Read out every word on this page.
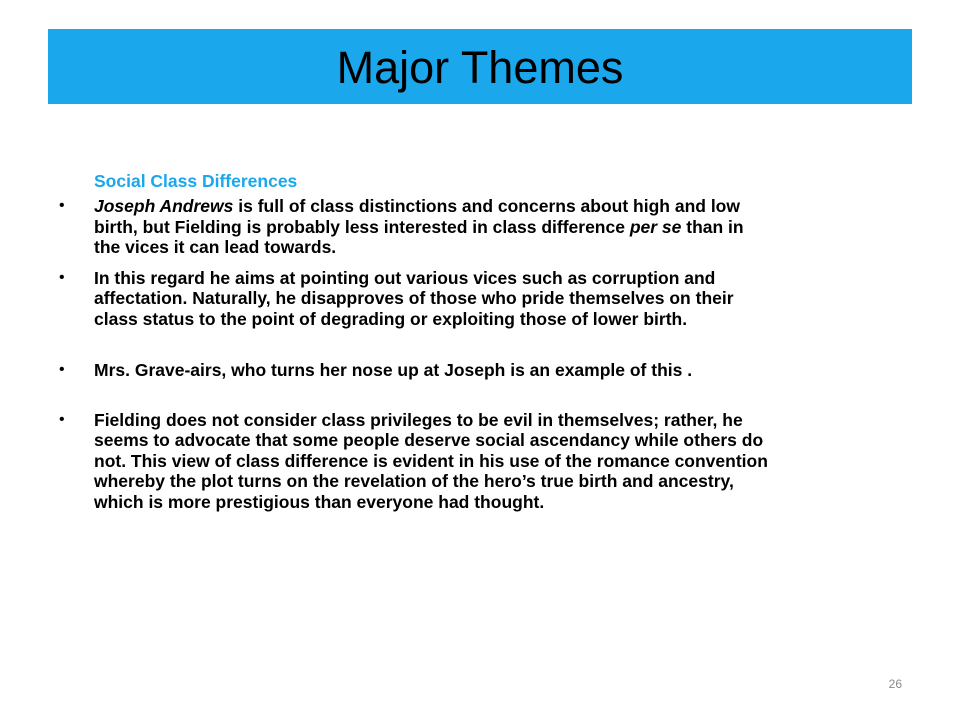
Major Themes
Social Class Differences
• Joseph Andrews is full of class distinctions and concerns about high and low birth, but Fielding is probably less interested in class difference per se than in the vices it can lead towards.
• In this regard he aims at pointing out various vices such as corruption and affectation. Naturally, he disapproves of those who pride themselves on their class status to the point of degrading or exploiting those of lower birth.
• Mrs. Grave-airs, who turns her nose up at Joseph is an example of this .
• Fielding does not consider class privileges to be evil in themselves; rather, he seems to advocate that some people deserve social ascendancy while others do not. This view of class difference is evident in his use of the romance convention whereby the plot turns on the revelation of the hero’s true birth and ancestry, which is more prestigious than everyone had thought.
26
